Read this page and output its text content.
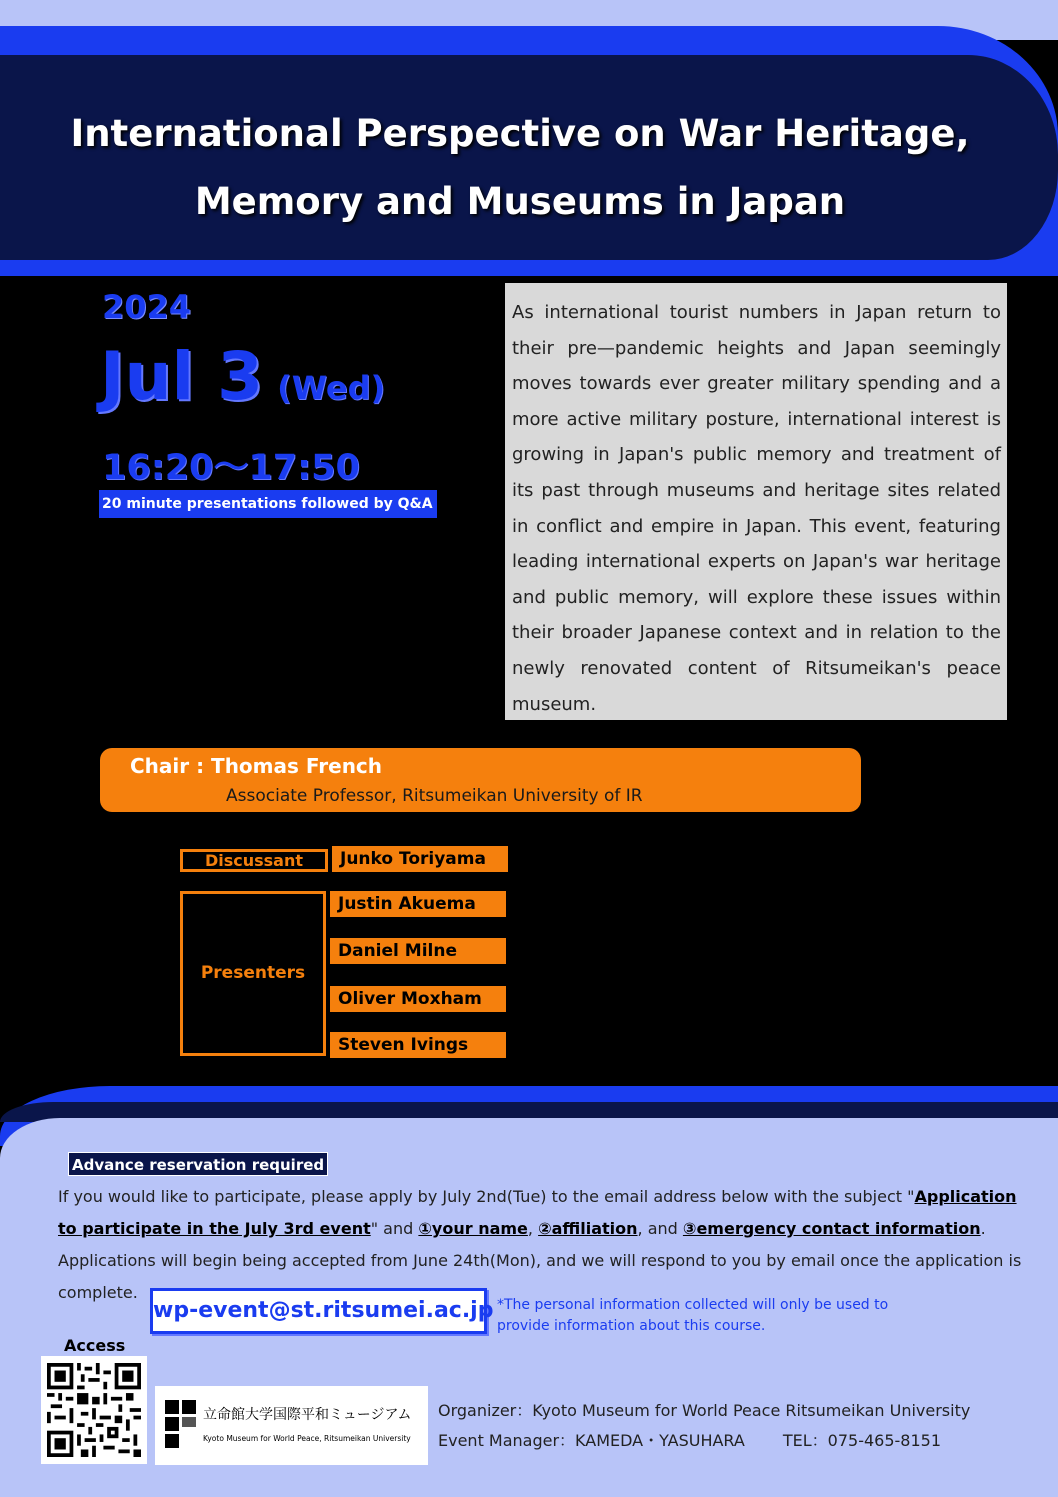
International Perspective on War Heritage,
Memory and Museums in Japan
2024
Jul 3 (Wed)
16:20～17:50
20 minute presentations followed by Q&A
As international tourist numbers in Japan return to their pre—pandemic heights and Japan seemingly moves towards ever greater military spending and a more active military posture, international interest is growing in Japan's public memory and treatment of its past through museums and heritage sites related in conflict and empire in Japan. This event, featuring leading international experts on Japan's war heritage and public memory, will explore these issues within their broader Japanese context and in relation to the newly renovated content of Ritsumeikan's peace museum.
Chair : Thomas French
Associate Professor, Ritsumeikan University of IR
Discussant	Junko Toriyama
Presenters
Justin Akuema
Daniel Milne
Oliver Moxham
Steven Ivings
Advance reservation required

If you would like to participate, please apply by July 2nd(Tue) to the email address below with the subject "Application to participate in the July 3rd event" and ①your name, ②affiliation, and ③emergency contact information. Applications will begin being accepted from June 24th(Mon), and we will respond to you by email once the application is complete.

wp-event@st.ritsumei.ac.jp *The personal information collected will only be used to provide information about this course.
Access
立命館大学国際平和ミュージアム
Kyoto Museum for World Peace, Ritsumeikan University
Organizer：Kyoto Museum for World Peace Ritsumeikan University
Event Manager：KAMEDA・YASUHARA TEL：075-465-8151
